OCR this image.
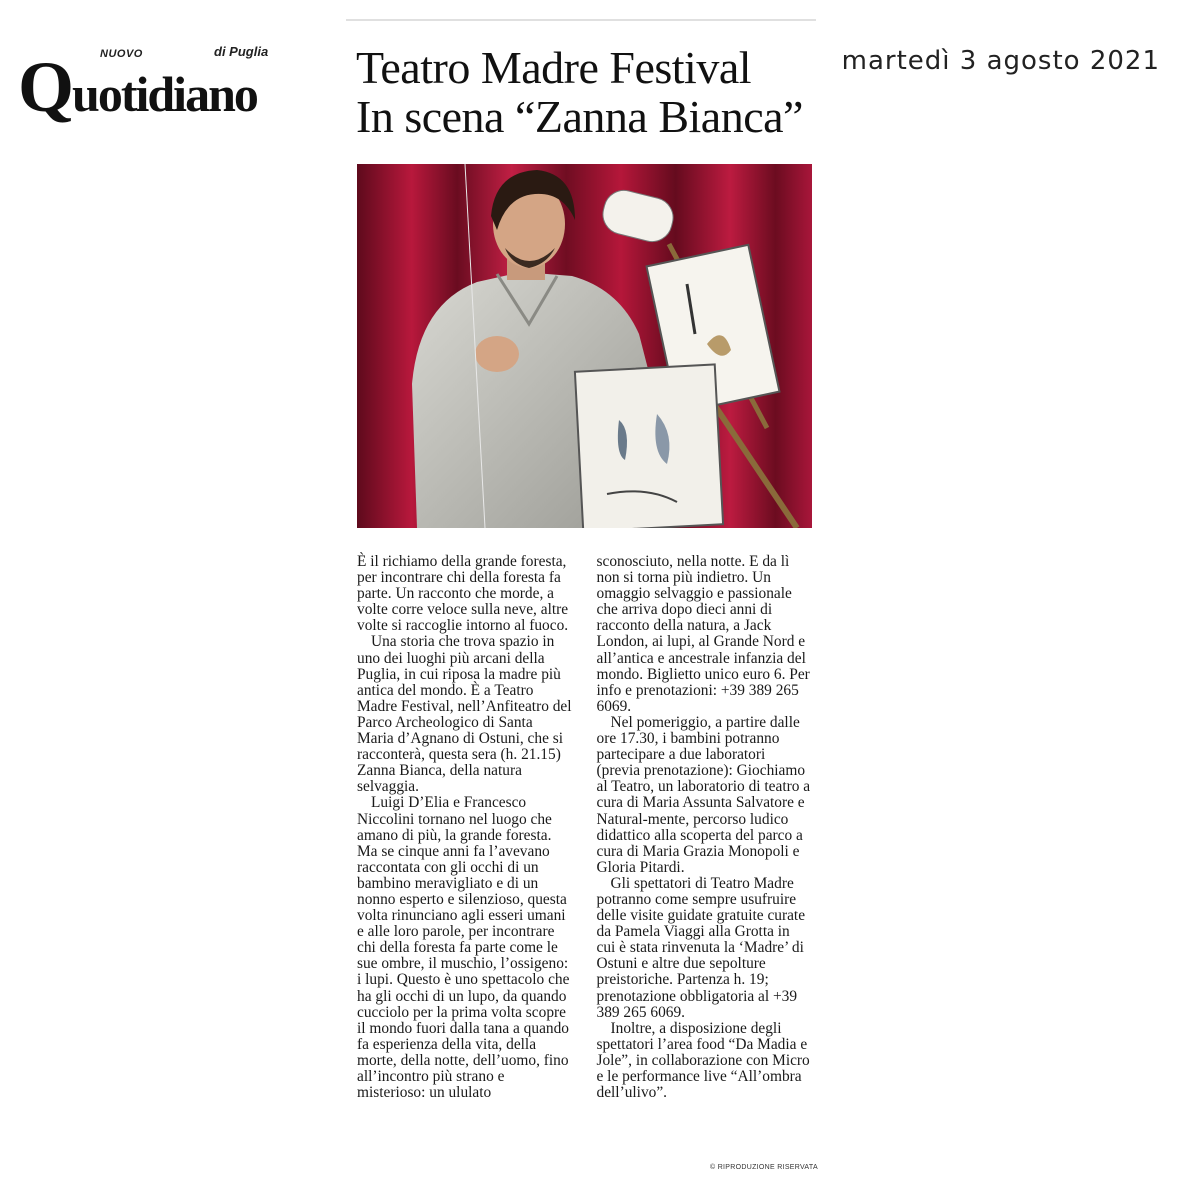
Quotidiano
NUOVO	di Puglia	martedì 3 agosto 2021
Teatro Madre Festival
In scena “Zanna Bianca”

È il richiamo della grande foresta, per incontrare chi della foresta fa parte. Un racconto che morde, a volte corre veloce sulla neve, altre volte si raccoglie intorno al fuoco.

Una storia che trova spazio in uno dei luoghi più arcani della Puglia, in cui riposa la madre più antica del mondo. È a Teatro Madre Festival, nell’Anfiteatro del Parco Archeologico di Santa Maria d’Agnano di Ostuni, che si racconterà, questa sera (h. 21.15) Zanna Bianca, della natura selvaggia.

Luigi D’Elia e Francesco Niccolini tornano nel luogo che amano di più, la grande foresta. Ma se cinque anni fa l’avevano raccontata con gli occhi di un bambino meravigliato e di un nonno esperto e silenzioso, questa volta rinunciano agli esseri umani e alle loro parole, per incontrare chi della foresta fa parte come le sue ombre, il muschio, l’ossigeno: i lupi. Questo è uno spettacolo che ha gli occhi di un lupo, da quando cucciolo per la prima volta scopre il mondo fuori dalla tana a quando fa esperienza della vita, della morte, della notte, dell’uomo, fino all’incontro più strano e misterioso: un ululato

sconosciuto, nella notte. E da lì non si torna più indietro. Un omaggio selvaggio e passionale che arriva dopo dieci anni di racconto della natura, a Jack London, ai lupi, al Grande Nord e all’antica e ancestrale infanzia del mondo. Biglietto unico euro 6. Per info e prenotazioni: +39 389 265 6069.

Nel pomeriggio, a partire dalle ore 17.30, i bambini potranno partecipare a due laboratori (previa prenotazione): Giochiamo al Teatro, un laboratorio di teatro a cura di Maria Assunta Salvatore e Natural-mente, percorso ludico didattico alla scoperta del parco a cura di Maria Grazia Monopoli e Gloria Pitardi.

Gli spettatori di Teatro Madre potranno come sempre usufruire delle visite guidate gratuite curate da Pamela Viaggi alla Grotta in cui è stata rinvenuta la ‘Madre’ di Ostuni e altre due sepolture preistoriche. Partenza h. 19; prenotazione obbligatoria al +39 389 265 6069.

Inoltre, a disposizione degli spettatori l’area food “Da Madia e Jole”, in collaborazione con Micro e le performance live “All’ombra dell’ulivo”.

© RIPRODUZIONE RISERVATA
